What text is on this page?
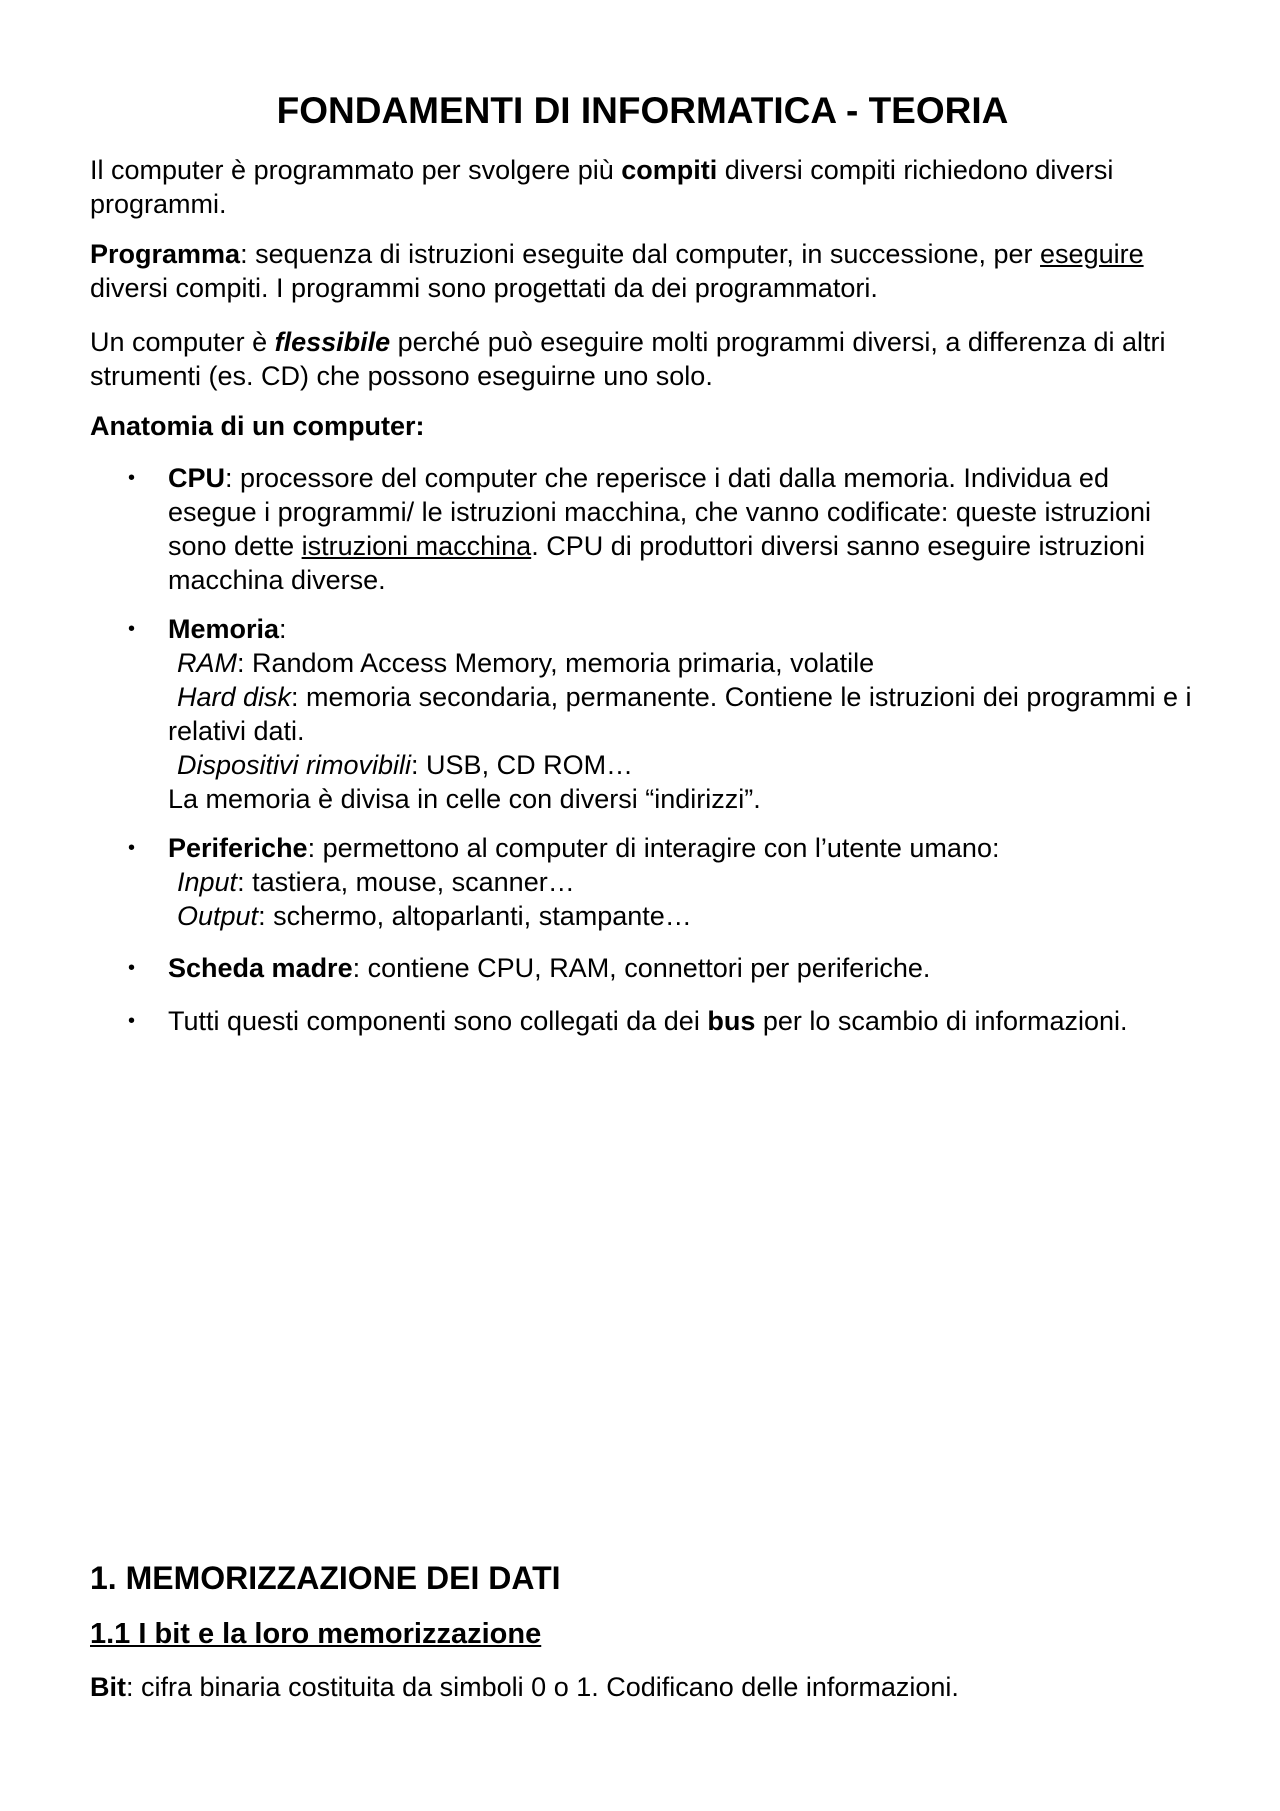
FONDAMENTI DI INFORMATICA - TEORIA
Il computer è programmato per svolgere più compiti diversi compiti richiedono diversi programmi.
Programma: sequenza di istruzioni eseguite dal computer, in successione, per eseguire diversi compiti. I programmi sono progettati da dei programmatori.
Un computer è flessibile perché può eseguire molti programmi diversi, a differenza di altri strumenti (es. CD) che possono eseguirne uno solo.
Anatomia di un computer:
• CPU: processore del computer che reperisce i dati dalla memoria. Individua ed esegue i programmi/ le istruzioni macchina, che vanno codificate: queste istruzioni sono dette istruzioni macchina. CPU di produttori diversi sanno eseguire istruzioni macchina diverse.
• Memoria:
RAM: Random Access Memory, memoria primaria, volatile
Hard disk: memoria secondaria, permanente. Contiene le istruzioni dei programmi e i relativi dati.
Dispositivi rimovibili: USB, CD ROM…
La memoria è divisa in celle con diversi “indirizzi”.
• Periferiche: permettono al computer di interagire con l’utente umano:
Input: tastiera, mouse, scanner…
Output: schermo, altoparlanti, stampante…
• Scheda madre: contiene CPU, RAM, connettori per periferiche.
• Tutti questi componenti sono collegati da dei bus per lo scambio di informazioni.
1. MEMORIZZAZIONE DEI DATI
1.1 I bit e la loro memorizzazione
Bit: cifra binaria costituita da simboli 0 o 1. Codificano delle informazioni.
